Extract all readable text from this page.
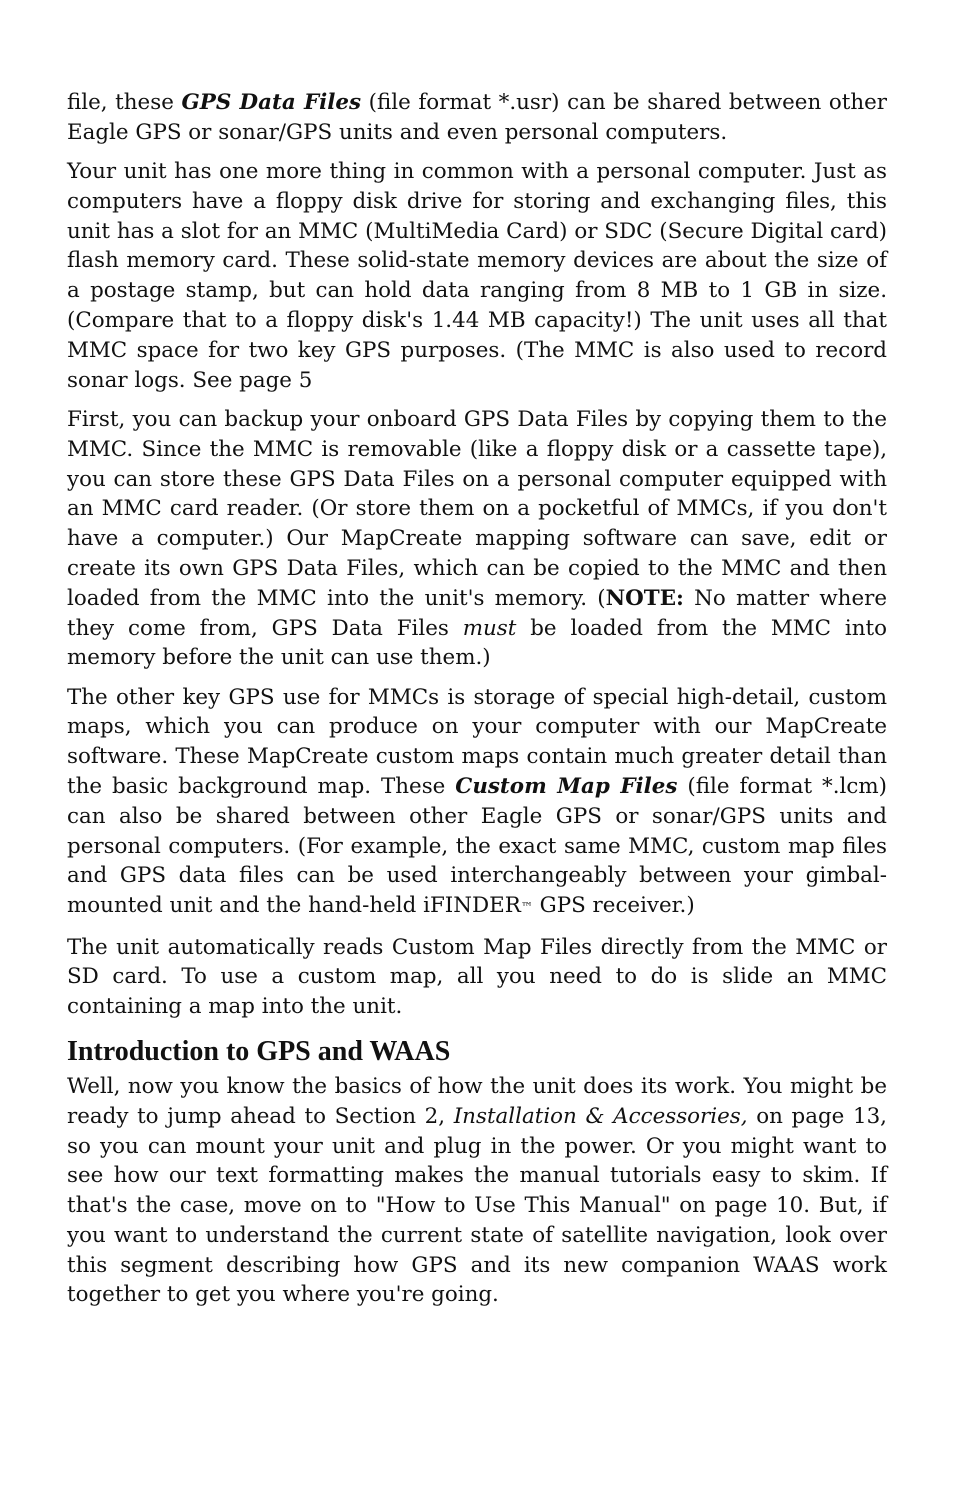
file, these GPS Data Files (file format *.usr) can be shared between other Eagle GPS or sonar/GPS units and even personal computers.

Your unit has one more thing in common with a personal computer. Just as computers have a floppy disk drive for storing and exchanging files, this unit has a slot for an MMC (MultiMedia Card) or SDC (Secure Digital card) flash memory card. These solid-state memory devices are about the size of a postage stamp, but can hold data ranging from 8 MB to 1 GB in size. (Compare that to a floppy disk's 1.44 MB capacity!) The unit uses all that MMC space for two key GPS purposes. (The MMC is also used to record sonar logs. See page 5

First, you can backup your onboard GPS Data Files by copying them to the MMC. Since the MMC is removable (like a floppy disk or a cassette tape), you can store these GPS Data Files on a personal computer equipped with an MMC card reader. (Or store them on a pocketful of MMCs, if you don't have a computer.) Our MapCreate mapping software can save, edit or create its own GPS Data Files, which can be copied to the MMC and then loaded from the MMC into the unit's memory. (NOTE: No matter where they come from, GPS Data Files must be loaded from the MMC into memory before the unit can use them.)

The other key GPS use for MMCs is storage of special high-detail, custom maps, which you can produce on your computer with our MapCreate software. These MapCreate custom maps contain much greater detail than the basic background map. These Custom Map Files (file format *.lcm) can also be shared between other Eagle GPS or sonar/GPS units and personal computers. (For example, the exact same MMC, custom map files and GPS data files can be used interchangeably between your gimbal-mounted unit and the hand-held iFINDER™ GPS receiver.)

The unit automatically reads Custom Map Files directly from the MMC or SD card. To use a custom map, all you need to do is slide an MMC containing a map into the unit.

Introduction to GPS and WAAS

Well, now you know the basics of how the unit does its work. You might be ready to jump ahead to Section 2, Installation & Accessories, on page 13, so you can mount your unit and plug in the power. Or you might want to see how our text formatting makes the manual tutorials easy to skim. If that's the case, move on to "How to Use This Manual" on page 10. But, if you want to understand the current state of satellite navigation, look over this segment describing how GPS and its new companion WAAS work together to get you where you're going.
